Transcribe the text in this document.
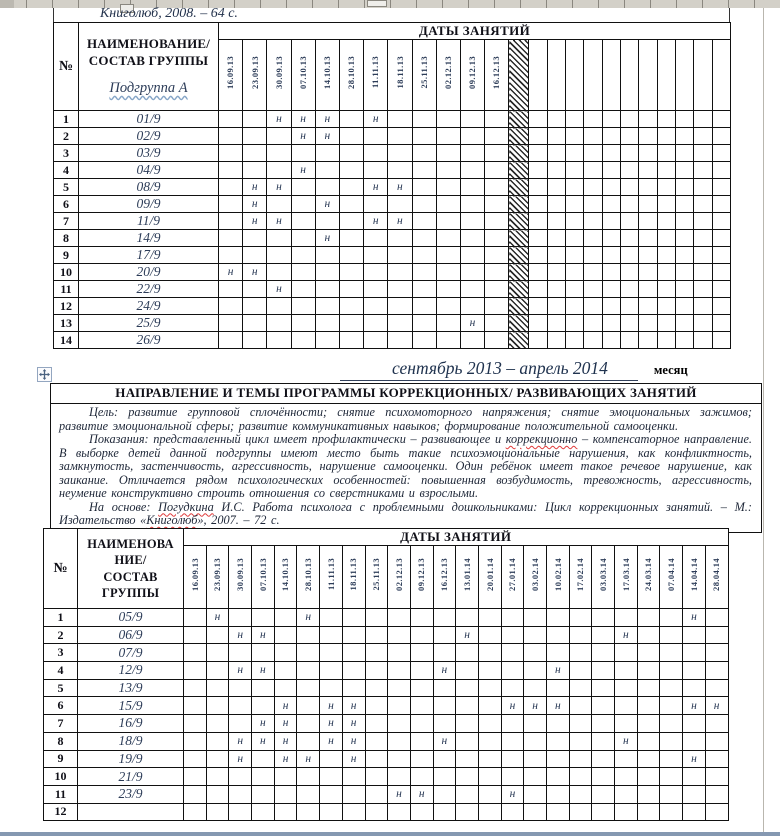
Книголюб, 2008. – 64 с.
№	НАИМЕНОВАНИЕ/
СОСТАВ ГРУППЫ
Подгруппа А	ДАТЫ ЗАНЯТИЙ																							
		16.09.13	23.09.13	30.09.13	07.10.13	14.10.13	28.10.13	11.11.13	18.11.13	25.11.13	02.12.13	09.12.13	16.12.13												
1	01/9			н	н	н		н																	
2	02/9				н	н																			
3	03/9																								
4	04/9				н																				
5	08/9		н	н				н	н																
6	09/9		н			н																			
7	11/9		н	н				н	н																
8	14/9					н																			
9	17/9																								
10	20/9	н	н																						
11	22/9			н																					
12	24/9																								
13	25/9											н													
14	26/9																								
сентябрь 2013 – апрель 2014	месяц
НАПРАВЛЕНИЕ И ТЕМЫ ПРОГРАММЫ КОРРЕКЦИОННЫХ/ РАЗВИВАЮЩИХ ЗАНЯТИЙ

Цель: развитие групповой сплочённости; снятие психомоторного напряжения; снятие эмоциональных зажимов; развитие эмоциональной сферы; развитие коммуникативных навыков; формирование положительной самооценки.

Показания: представленный цикл имеет профилактически – развивающее и коррекционно – компенсаторное направление. В выборке детей данной подгруппы имеют место быть такие психоэмоциональные нарушения, как конфликтность, замкнутость, застенчивость, агрессивность, нарушение самооценки. Один ребёнок имеет такое речевое нарушение, как заикание. Отличается рядом психологических особенностей: повышенная возбудимость, тревожность, агрессивность, неумение конструктивно строить отношения со сверстниками и взрослыми.

На основе: Погудкина И.С. Работа психолога с проблемными дошкольниками: Цикл коррекционных занятий. – М.: Издательство «Книголюб», 2007. – 72 с.

№	НАИМЕНОВА
НИЕ/
СОСТАВ
ГРУППЫ	ДАТЫ ЗАНЯТИЙ																							
		16.09.13	23.09.13	30.09.13	07.10.13	14.10.13	28.10.13	11.11.13	18.11.13	25.11.13	02.12.13	09.12.13	16.12.13	13.01.14	20.01.14	27.01.14	03.02.14	10.02.14	17.02.14	03.03.14	17.03.14	24.03.14	07.04.14	14.04.14	28.04.14
1	05/9		н				н																	н	
2	06/9			н	н									н							н				
3	07/9																								
4	12/9			н	н								н					н							
5	13/9																								
6	15/9					н		н	н							н	н	н						н	н
7	16/9				н	н		н	н																
8	18/9			н	н	н		н	н				н								н				
9	19/9			н		н	н		н															н	
10	21/9																								
11	23/9										н	н				н									
12																									
